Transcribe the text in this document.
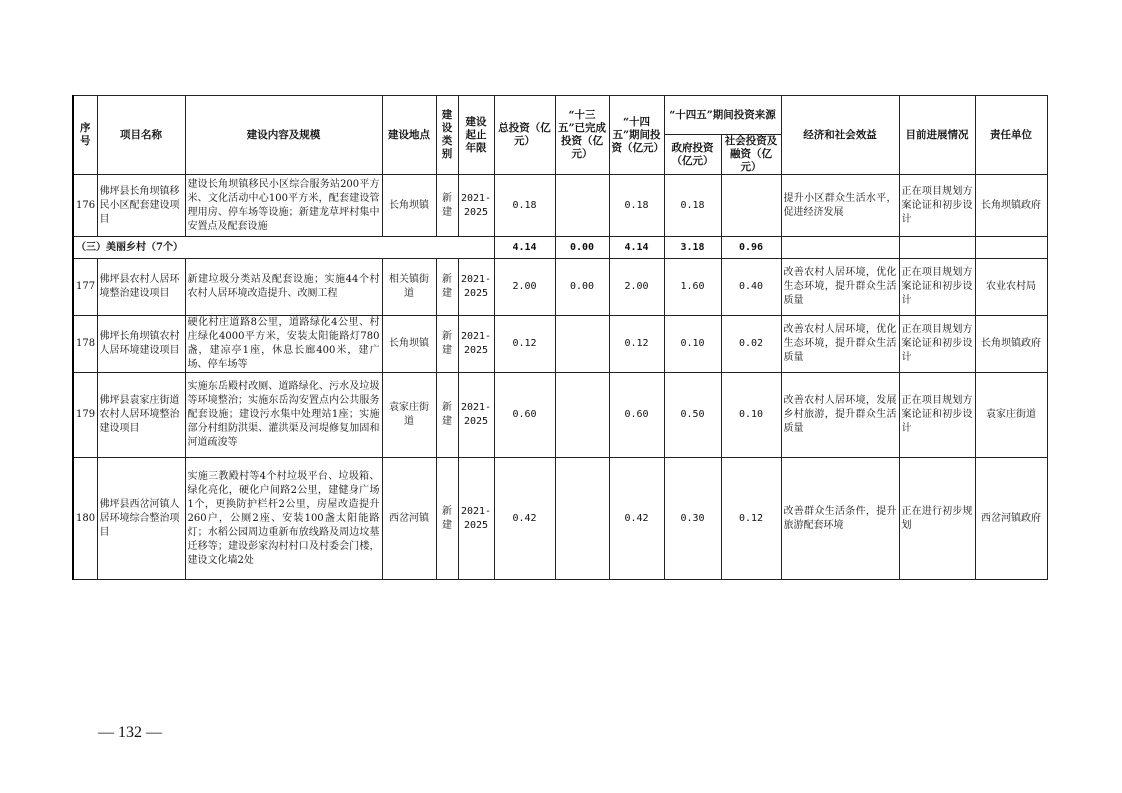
序号	项目名称	建设内容及规模	建设地点	建设类别	建设起止年限	总投资（亿元）	“十三五”已完成投资（亿元）	“十四五”期间投资（亿元）	“十四五”期间投资来源		经济和社会效益	目前进展情况	责任单位
									政府投资（亿元）	社会投资及融资（亿元）			
176	佛坪县长角坝镇移民小区配套建设项目	建设长角坝镇移民小区综合服务站200平方米、文化活动中心100平方米，配套建设管理用房、停车场等设施；新建龙草坪村集中安置点及配套设施	长角坝镇	新建	2021-2025	0.18		0.18	0.18		提升小区群众生活水平，促进经济发展	正在项目规划方案论证和初步设计	长角坝镇政府
（三）美丽乡村（7个）						4.14	0.00	4.14	3.18	0.96			
177	佛坪县农村人居环境整治建设项目	新建垃圾分类站及配套设施；实施44个村农村人居环境改造提升、改厕工程	相关镇街道	新建	2021-2025	2.00	0.00	2.00	1.60	0.40	改善农村人居环境，优化生态环境，提升群众生活质量	正在项目规划方案论证和初步设计	农业农村局
178	佛坪长角坝镇农村人居环境建设项目	硬化村庄道路8公里，道路绿化4公里、村庄绿化4000平方米，安装太阳能路灯780盏，建凉亭1座，休息长廊400米，建广场、停车场等	长角坝镇	新建	2021-2025	0.12		0.12	0.10	0.02	改善农村人居环境，优化生态环境，提升群众生活质量	正在项目规划方案论证和初步设计	长角坝镇政府
179	佛坪县袁家庄街道农村人居环境整治建设项目	实施东岳殿村改厕、道路绿化、污水及垃圾等环境整治；实施东岳沟安置点内公共服务配套设施；建设污水集中处理站1座；实施部分村组防洪渠、灌洪渠及河堤修复加固和河道疏浚等	袁家庄街道	新建	2021-2025	0.60		0.60	0.50	0.10	改善农村人居环境，发展乡村旅游，提升群众生活质量	正在项目规划方案论证和初步设计	袁家庄街道
180	佛坪县西岔河镇人居环境综合整治项目	实施三教殿村等4个村垃圾平台、垃圾箱、绿化亮化，硬化户间路2公里，建健身广场1个，更换防护栏杆2公里，房屋改造提升260户，公厕2座、安装100盏太阳能路灯；水稻公园周边重新布放线路及周边坟墓迁移等；建设彭家沟村村口及村委会门楼，建设文化墙2处	西岔河镇	新建	2021-2025	0.42		0.42	0.30	0.12	改善群众生活条件，提升旅游配套环境	正在进行初步规划	西岔河镇政府
— 132 —
